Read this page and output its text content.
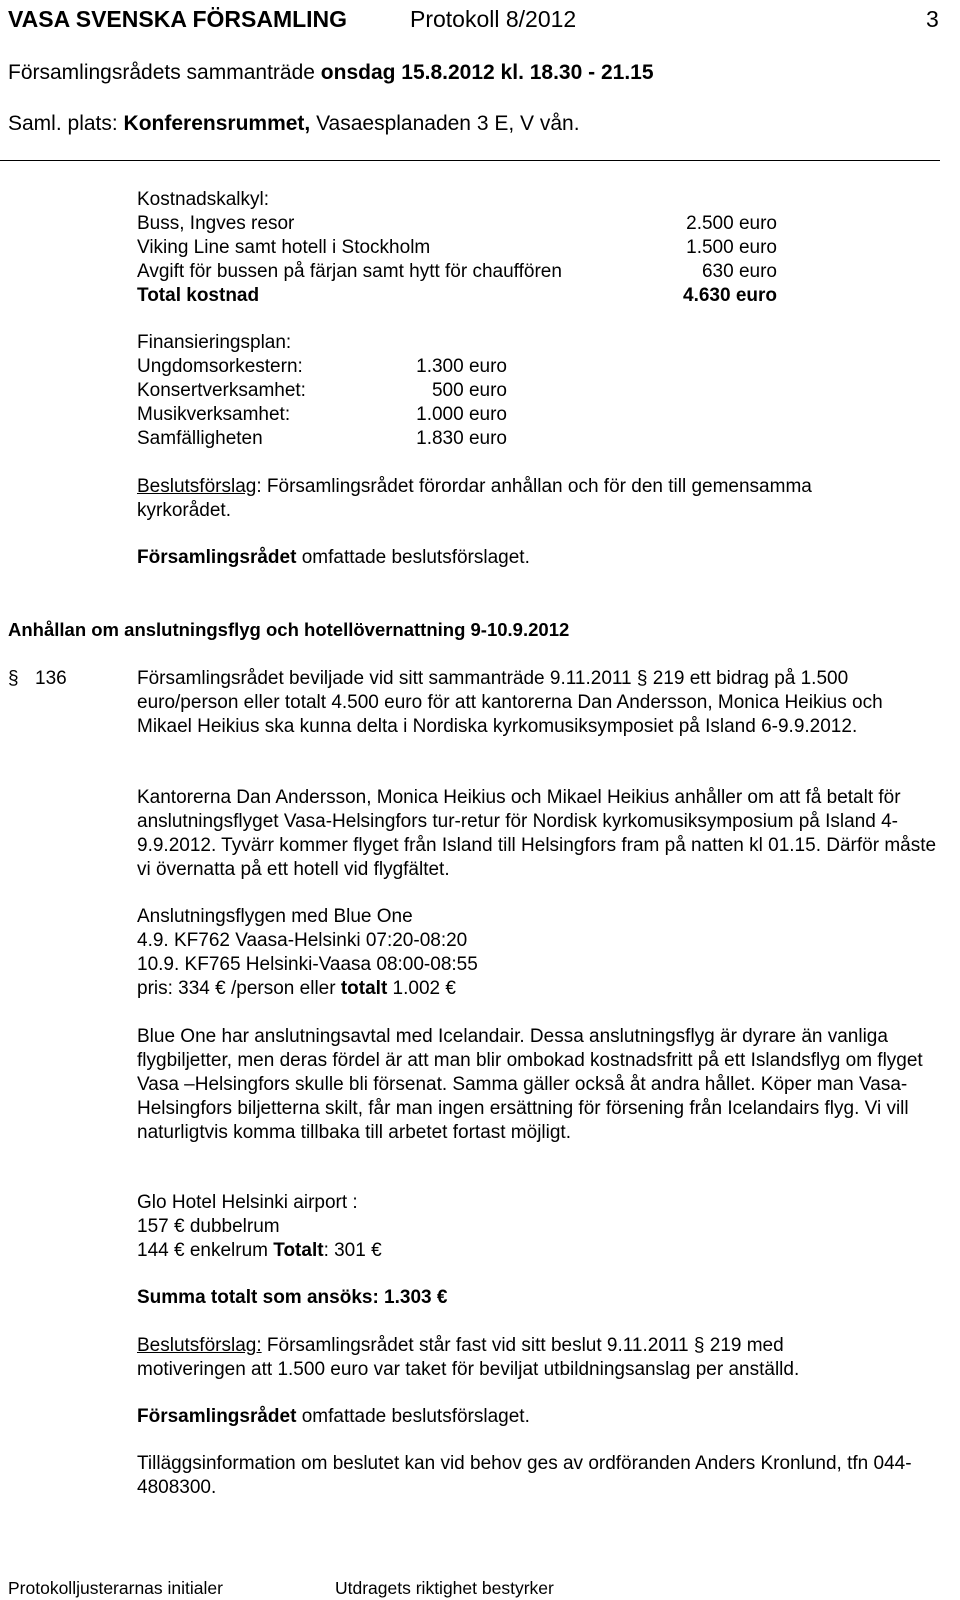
VASA SVENSKA FÖRSAMLING	Protokoll 8/2012	3
Församlingsrådets sammanträde onsdag 15.8.2012 kl. 18.30 - 21.15
Saml. plats: Konferensrummet, Vasaesplanaden 3 E, V vån.
Kostnadskalkyl:
Buss, Ingves resor	2.500 euro
Viking Line samt hotell i Stockholm	1.500 euro
Avgift för bussen på färjan samt hytt för chauffören	630 euro
Total kostnad	4.630 euro
Finansieringsplan:
Ungdomsorkestern:	1.300 euro
Konsertverksamhet:	500 euro
Musikverksamhet:	1.000 euro
Samfälligheten	1.830 euro
Beslutsförslag: Församlingsrådet förordar anhållan och för den till gemensamma kyrkorådet.
Församlingsrådet omfattade beslutsförslaget.
Anhållan om anslutningsflyg och hotellövernattning 9-10.9.2012
§ 136	Församlingsrådet beviljade vid sitt sammanträde 9.11.2011 § 219 ett bidrag på 1.500 euro/person eller totalt 4.500 euro för att kantorerna Dan Andersson, Monica Heikius och Mikael Heikius ska kunna delta i Nordiska kyrkomusiksymposiet på Island 6-9.9.2012.
Kantorerna Dan Andersson, Monica Heikius och Mikael Heikius anhåller om att få betalt för anslutningsflyget Vasa-Helsingfors tur-retur för Nordisk kyrkomusiksymposium på Island 4-9.9.2012. Tyvärr kommer flyget från Island till Helsingfors fram på natten kl 01.15. Därför måste vi övernatta på ett hotell vid flygfältet.
Anslutningsflygen med Blue One
4.9. KF762 Vaasa-Helsinki 07:20-08:20
10.9. KF765 Helsinki-Vaasa 08:00-08:55
pris: 334 € /person eller totalt 1.002 €
Blue One har anslutningsavtal med Icelandair. Dessa anslutningsflyg är dyrare än vanliga flygbiljetter, men deras fördel är att man blir ombokad kostnadsfritt på ett Islandsflyg om flyget Vasa –Helsingfors skulle bli försenat. Samma gäller också åt andra hållet. Köper man Vasa-Helsingfors biljetterna skilt, får man ingen ersättning för försening från Icelandairs flyg. Vi vill naturligtvis komma tillbaka till arbetet fortast möjligt.
Glo Hotel Helsinki airport :
157 € dubbelrum
144 € enkelrum Totalt: 301 €
Summa totalt som ansöks: 1.303 €
Beslutsförslag: Församlingsrådet står fast vid sitt beslut 9.11.2011 § 219 med motiveringen att 1.500 euro var taket för beviljat utbildningsanslag per anställd.
Församlingsrådet omfattade beslutsförslaget.
Tilläggsinformation om beslutet kan vid behov ges av ordföranden Anders Kronlund, tfn 044-4808300.
Protokolljusterarnas initialer	Utdragets riktighet bestyrker
